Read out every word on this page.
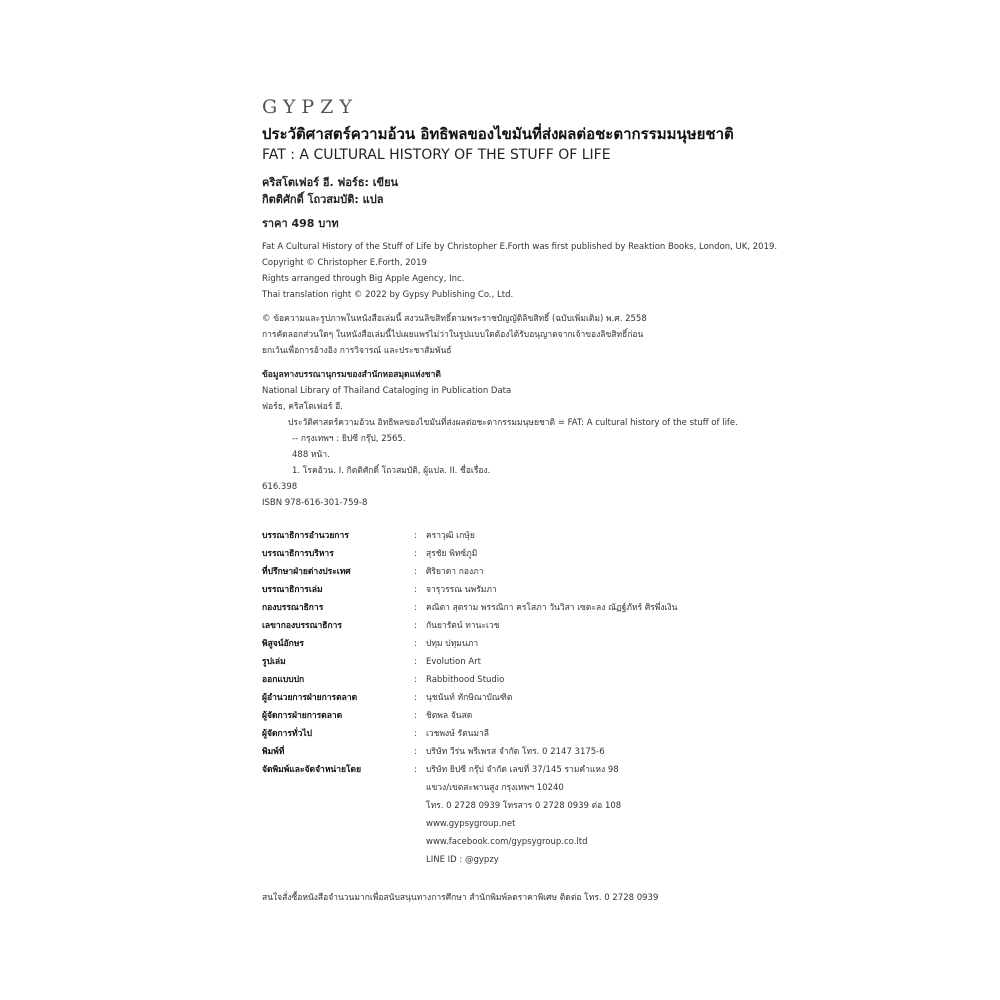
GYPZY
ประวัติศาสตร์ความอ้วน อิทธิพลของไขมันที่ส่งผลต่อชะตากรรมมนุษยชาติ
FAT : A CULTURAL HISTORY OF THE STUFF OF LIFE
คริสโตเฟอร์ อี. ฟอร์ธ: เขียน
กิตติศักดิ์ โถวสมบัติ: แปล
ราคา 498 บาท
Fat A Cultural History of the Stuff of Life by Christopher E.Forth was first published by Reaktion Books, London, UK, 2019.
Copyright © Christopher E.Forth, 2019
Rights arranged through Big Apple Agency, Inc.
Thai translation right © 2022 by Gypsy Publishing Co., Ltd.
© ข้อความและรูปภาพในหนังสือเล่มนี้ สงวนลิขสิทธิ์ตามพระราชบัญญัติลิขสิทธิ์ (ฉบับเพิ่มเติม) พ.ศ. 2558
การคัดลอกส่วนใดๆ ในหนังสือเล่มนี้ไปเผยแพร่ไม่ว่าในรูปแบบใดต้องได้รับอนุญาตจากเจ้าของลิขสิทธิ์ก่อน
ยกเว้นเพื่อการอ้างอิง การวิจารณ์ และประชาสัมพันธ์
ข้อมูลทางบรรณานุกรมของสำนักหอสมุดแห่งชาติ
National Library of Thailand Cataloging in Publication Data
ฟอร์ธ, คริสโตเฟอร์ อี.
ประวัติศาสตร์ความอ้วน อิทธิพลของไขมันที่ส่งผลต่อชะตากรรมมนุษยชาติ = FAT: A cultural history of the stuff of life.
-- กรุงเทพฯ : ยิปซี กรุ๊ป, 2565.
488 หน้า.
1. โรคอ้วน. I. กิตติศักดิ์ โถวสมบัติ, ผู้แปล. II. ชื่อเรื่อง.
616.398
ISBN 978-616-301-759-8
บรรณาธิการอำนวยการ	:	คราวุฒิ เกษุ้ย
บรรณาธิการบริหาร	:	สุรชัย พิทซ์ภูมิ
ที่ปรึกษาฝ่ายต่างประเทศ	:	ศิริยาดา กองภา
บรรณาธิการเล่ม	:	จารุวรรณ นพรัมภา
กองบรรณาธิการ	:	คณิตา สุตราม พรรณิกา ครโสภา วันวิสา เซตะลง ณัฏฐ์ภัทร์ ศิรพึ่งเงิน
เลขากองบรรณาธิการ	:	กันยารัตน์ ทานะเวช
พิสูจน์อักษร	:	ปทุม ปทุมนภา
รูปเล่ม	:	Evolution Art
ออกแบบปก	:	Rabbithood Studio
ผู้อำนวยการฝ่ายการตลาด	:	นุชนันท์ ทักษิณาบัณฑิต
ผู้จัดการฝ่ายการตลาด	:	ชิตพล จันสด
ผู้จัดการทั่วไป	:	เวชพงษ์ รัตนมาลี
พิมพ์ที่	:	บริษัท วีร่น พรีเพรส จำกัด โทร. 0 2147 3175-6
จัดพิมพ์และจัดจำหน่ายโดย	:	บริษัท ยิปซี กรุ๊ป จำกัด เลขที่ 37/145 รามคำแหง 98
แขวง/เขตสะพานสูง กรุงเทพฯ 10240
โทร. 0 2728 0939 โทรสาร 0 2728 0939 ต่อ 108
www.gypsygroup.net
www.facebook.com/gypsygroup.co.ltd
LINE ID : @gypzy
สนใจสั่งซื้อหนังสือจำนวนมากเพื่อสนับสนุนทางการศึกษา สำนักพิมพ์ลดราคาพิเศษ ติดต่อ โทร. 0 2728 0939
